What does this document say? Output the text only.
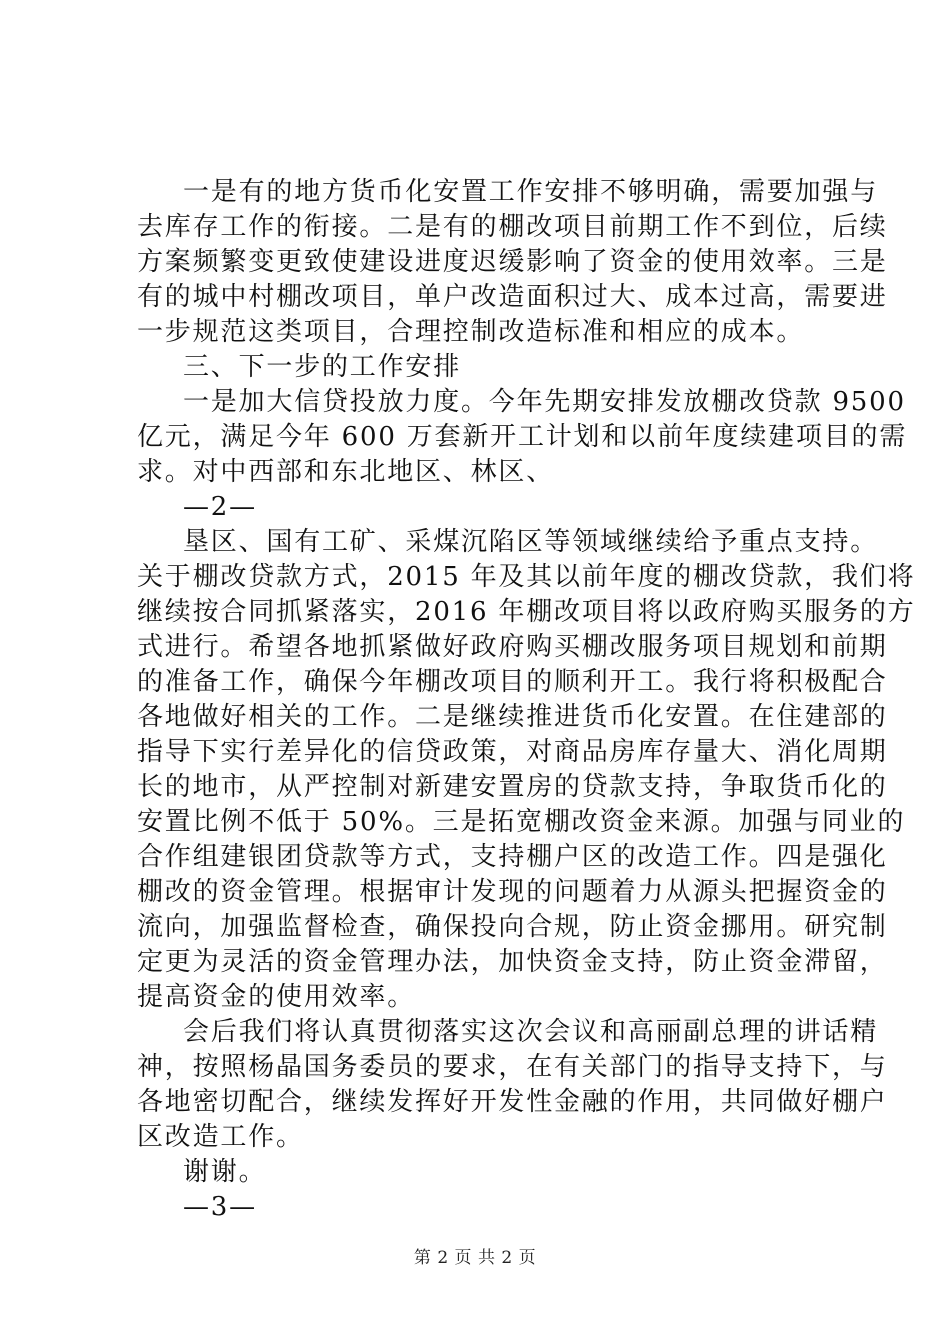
一是有的地方货币化安置工作安排不够明确，需要加强与
去库存工作的衔接。二是有的棚改项目前期工作不到位，后续
方案频繁变更致使建设进度迟缓影响了资金的使用效率。三是
有的城中村棚改项目，单户改造面积过大、成本过高，需要进
一步规范这类项目，合理控制改造标准和相应的成本。
三、下一步的工作安排
一是加大信贷投放力度。今年先期安排发放棚改贷款 9500
亿元，满足今年 600 万套新开工计划和以前年度续建项目的需
求。对中西部和东北地区、林区、
—2—
垦区、国有工矿、采煤沉陷区等领域继续给予重点支持。
关于棚改贷款方式，2015 年及其以前年度的棚改贷款，我们将
继续按合同抓紧落实，2016 年棚改项目将以政府购买服务的方
式进行。希望各地抓紧做好政府购买棚改服务项目规划和前期
的准备工作，确保今年棚改项目的顺利开工。我行将积极配合
各地做好相关的工作。二是继续推进货币化安置。在住建部的
指导下实行差异化的信贷政策，对商品房库存量大、消化周期
长的地市，从严控制对新建安置房的贷款支持，争取货币化的
安置比例不低于 50%。三是拓宽棚改资金来源。加强与同业的
合作组建银团贷款等方式，支持棚户区的改造工作。四是强化
棚改的资金管理。根据审计发现的问题着力从源头把握资金的
流向，加强监督检查，确保投向合规，防止资金挪用。研究制
定更为灵活的资金管理办法，加快资金支持，防止资金滞留，
提高资金的使用效率。
会后我们将认真贯彻落实这次会议和高丽副总理的讲话精
神，按照杨晶国务委员的要求，在有关部门的指导支持下，与
各地密切配合，继续发挥好开发性金融的作用，共同做好棚户
区改造工作。
谢谢。
—3—
第 2 页 共 2 页
